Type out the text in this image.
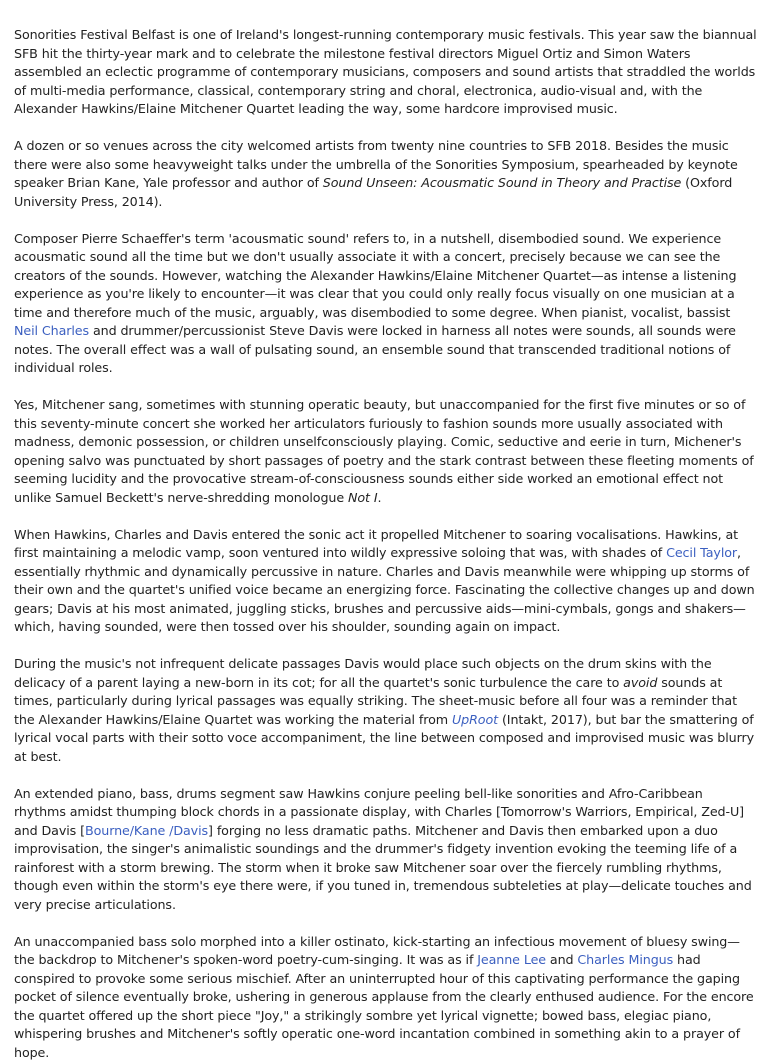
Sonorities Festival Belfast is one of Ireland's longest-running contemporary music festivals. This year saw the biannual SFB hit the thirty-year mark and to celebrate the milestone festival directors Miguel Ortiz and Simon Waters assembled an eclectic programme of contemporary musicians, composers and sound artists that straddled the worlds of multi-media performance, classical, contemporary string and choral, electronica, audio-visual and, with the Alexander Hawkins/Elaine Mitchener Quartet leading the way, some hardcore improvised music.

A dozen or so venues across the city welcomed artists from twenty nine countries to SFB 2018. Besides the music there were also some heavyweight talks under the umbrella of the Sonorities Symposium, spearheaded by keynote speaker Brian Kane, Yale professor and author of Sound Unseen: Acousmatic Sound in Theory and Practise (Oxford University Press, 2014).

Composer Pierre Schaeffer's term 'acousmatic sound' refers to, in a nutshell, disembodied sound. We experience acousmatic sound all the time but we don't usually associate it with a concert, precisely because we can see the creators of the sounds. However, watching the Alexander Hawkins/Elaine Mitchener Quartet—as intense a listening experience as you're likely to encounter—it was clear that you could only really focus visually on one musician at a time and therefore much of the music, arguably, was disembodied to some degree. When pianist, vocalist, bassist Neil Charles and drummer/percussionist Steve Davis were locked in harness all notes were sounds, all sounds were notes. The overall effect was a wall of pulsating sound, an ensemble sound that transcended traditional notions of individual roles.

Yes, Mitchener sang, sometimes with stunning operatic beauty, but unaccompanied for the first five minutes or so of this seventy-minute concert she worked her articulators furiously to fashion sounds more usually associated with madness, demonic possession, or children unselfconsciously playing. Comic, seductive and eerie in turn, Michener's opening salvo was punctuated by short passages of poetry and the stark contrast between these fleeting moments of seeming lucidity and the provocative stream-of-consciousness sounds either side worked an emotional effect not unlike Samuel Beckett's nerve-shredding monologue Not I.

When Hawkins, Charles and Davis entered the sonic act it propelled Mitchener to soaring vocalisations. Hawkins, at first maintaining a melodic vamp, soon ventured into wildly expressive soloing that was, with shades of Cecil Taylor, essentially rhythmic and dynamically percussive in nature. Charles and Davis meanwhile were whipping up storms of their own and the quartet's unified voice became an energizing force. Fascinating the collective changes up and down gears; Davis at his most animated, juggling sticks, brushes and percussive aids—mini-cymbals, gongs and shakers—which, having sounded, were then tossed over his shoulder, sounding again on impact.

During the music's not infrequent delicate passages Davis would place such objects on the drum skins with the delicacy of a parent laying a new-born in its cot; for all the quartet's sonic turbulence the care to avoid sounds at times, particularly during lyrical passages was equally striking. The sheet-music before all four was a reminder that the Alexander Hawkins/Elaine Quartet was working the material from UpRoot (Intakt, 2017), but bar the smattering of lyrical vocal parts with their sotto voce accompaniment, the line between composed and improvised music was blurry at best.

An extended piano, bass, drums segment saw Hawkins conjure peeling bell-like sonorities and Afro-Caribbean rhythms amidst thumping block chords in a passionate display, with Charles [Tomorrow's Warriors, Empirical, Zed-U] and Davis [Bourne/Kane /Davis] forging no less dramatic paths. Mitchener and Davis then embarked upon a duo improvisation, the singer's animalistic soundings and the drummer's fidgety invention evoking the teeming life of a rainforest with a storm brewing. The storm when it broke saw Mitchener soar over the fiercely rumbling rhythms, though even within the storm's eye there were, if you tuned in, tremendous subteleties at play—delicate touches and very precise articulations.

An unaccompanied bass solo morphed into a killer ostinato, kick-starting an infectious movement of bluesy swing—the backdrop to Mitchener's spoken-word poetry-cum-singing. It was as if Jeanne Lee and Charles Mingus had conspired to provoke some serious mischief. After an uninterrupted hour of this captivating performance the gaping pocket of silence eventually broke, ushering in generous applause from the clearly enthused audience. For the encore the quartet offered up the short piece "Joy," a strikingly sombre yet lyrical vignette; bowed bass, elegiac piano, whispering brushes and Mitchener's softly operatic one-word incantation combined in something akin to a prayer of hope.
